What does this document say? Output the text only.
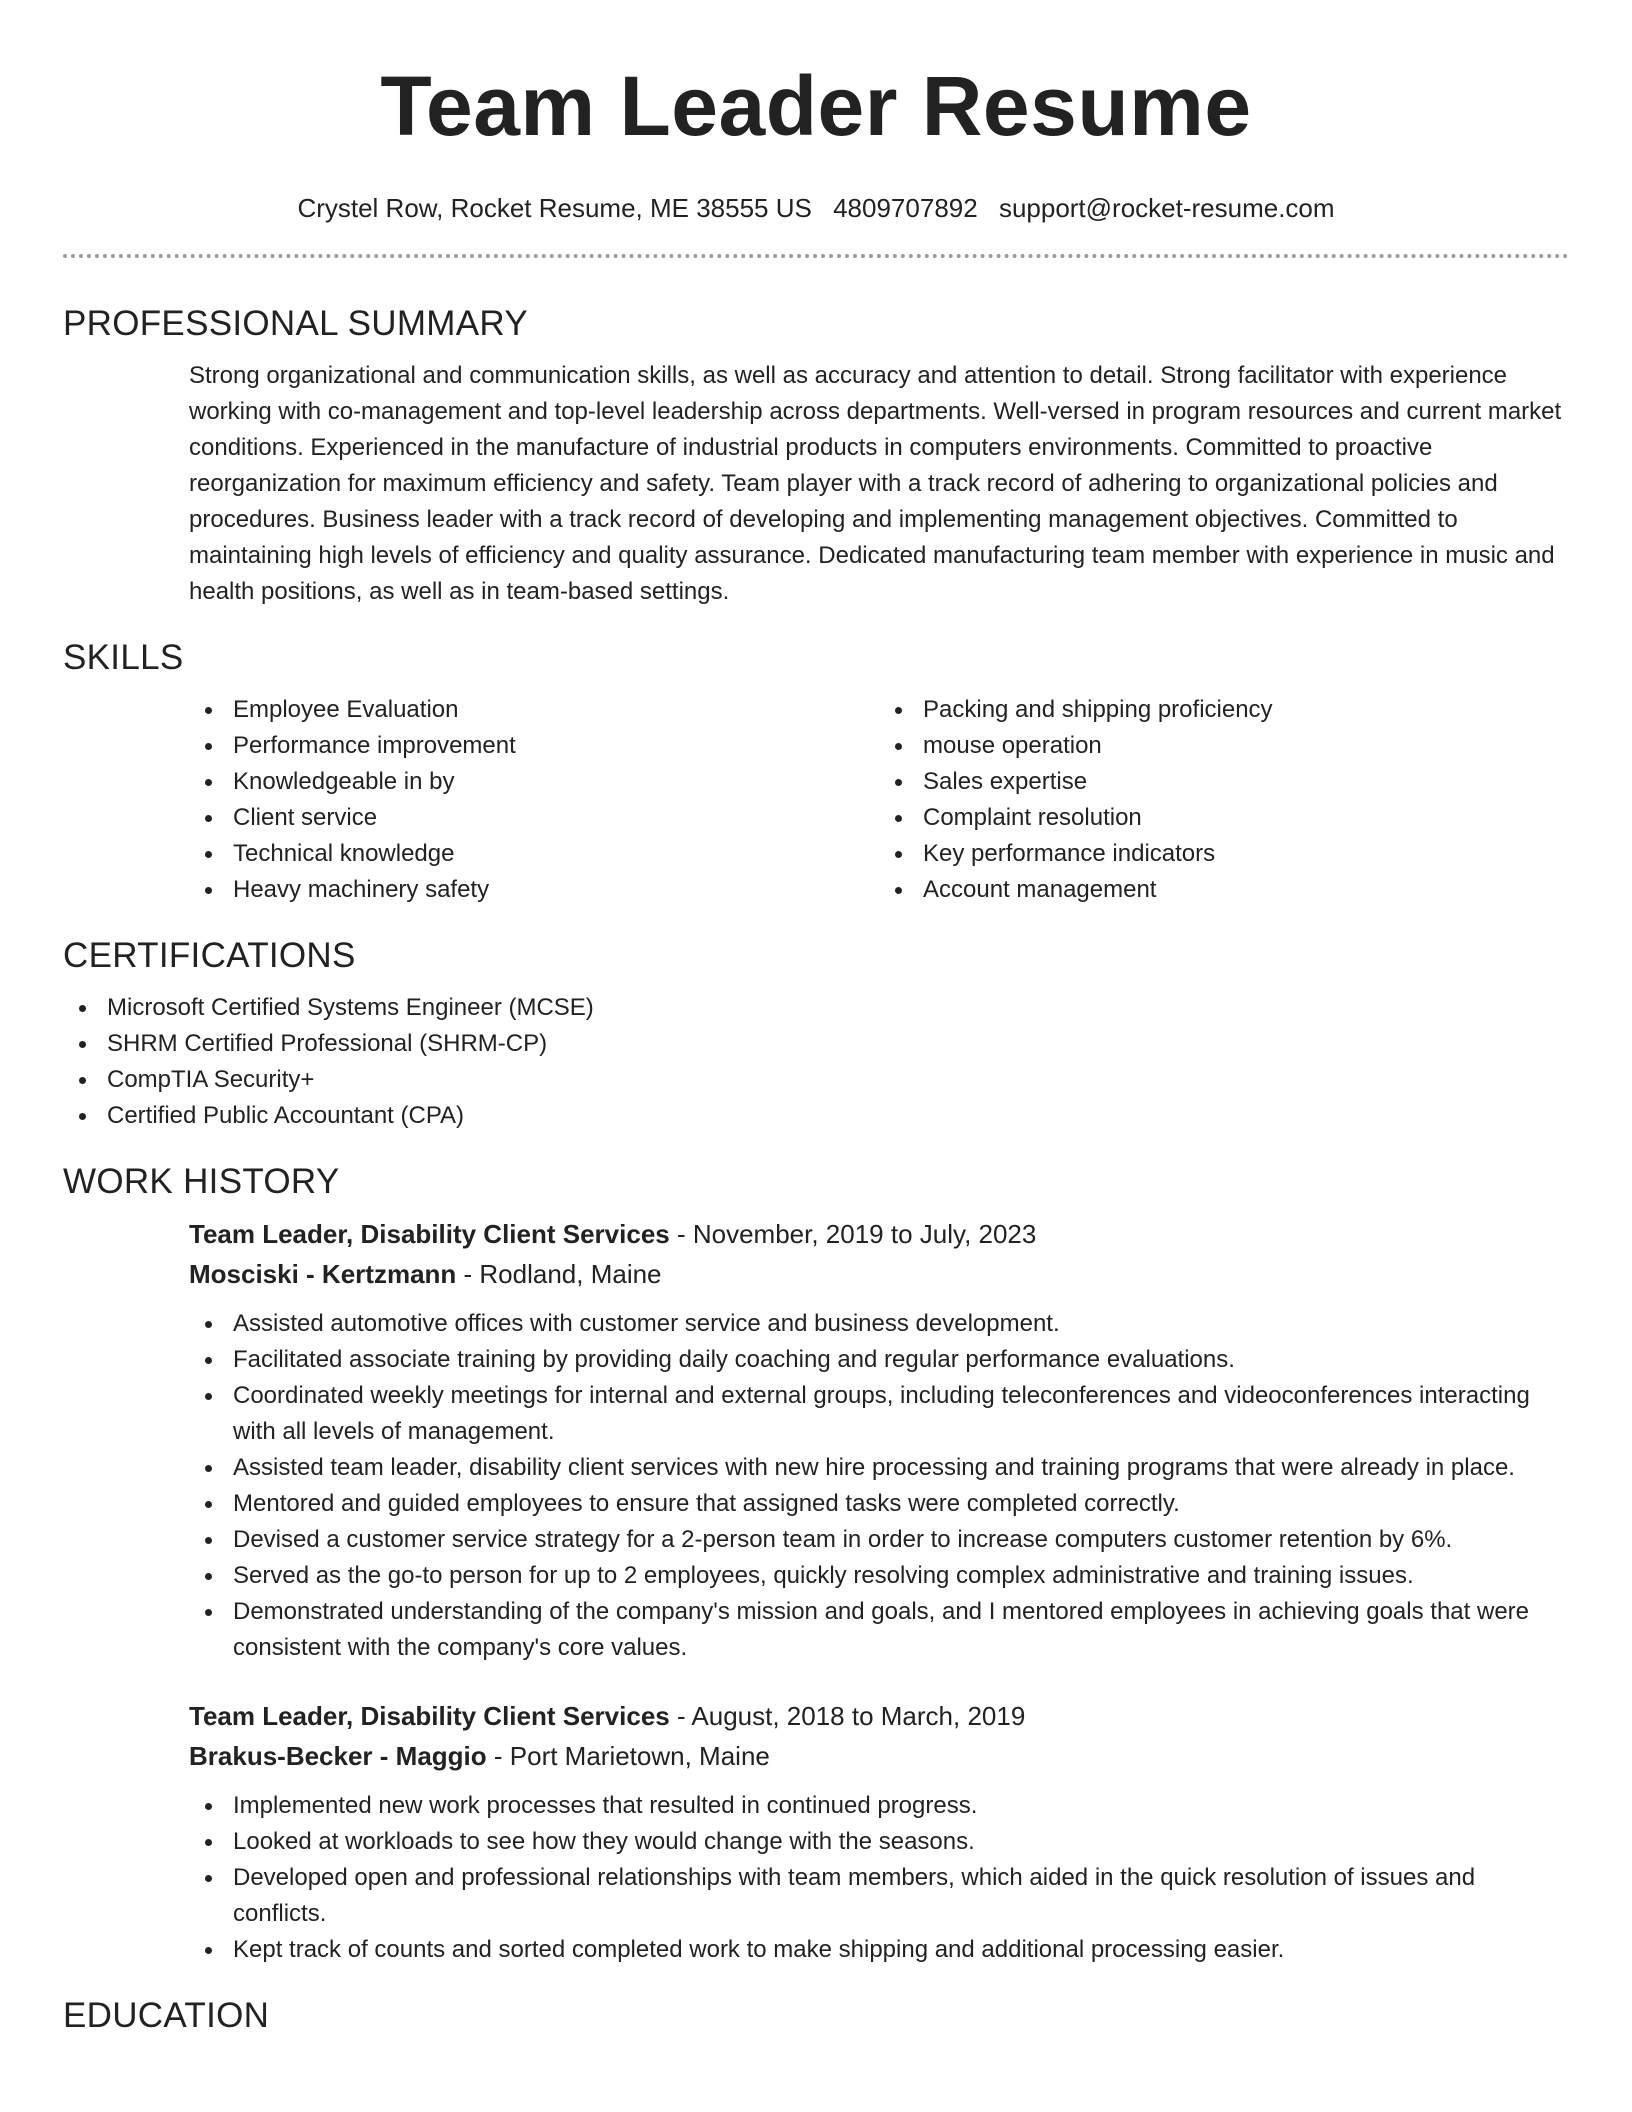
Team Leader Resume
Crystel Row, Rocket Resume, ME 38555 US 4809707892 support@rocket-resume.com
PROFESSIONAL SUMMARY
Strong organizational and communication skills, as well as accuracy and attention to detail. Strong facilitator with experience working with co-management and top-level leadership across departments. Well-versed in program resources and current market conditions. Experienced in the manufacture of industrial products in computers environments. Committed to proactive reorganization for maximum efficiency and safety. Team player with a track record of adhering to organizational policies and procedures. Business leader with a track record of developing and implementing management objectives. Committed to maintaining high levels of efficiency and quality assurance. Dedicated manufacturing team member with experience in music and health positions, as well as in team-based settings.
SKILLS
Employee Evaluation
Performance improvement
Knowledgeable in by
Client service
Technical knowledge
Heavy machinery safety
Packing and shipping proficiency
mouse operation
Sales expertise
Complaint resolution
Key performance indicators
Account management
CERTIFICATIONS
Microsoft Certified Systems Engineer (MCSE)
SHRM Certified Professional (SHRM-CP)
CompTIA Security+
Certified Public Accountant (CPA)
WORK HISTORY
Team Leader, Disability Client Services - November, 2019 to July, 2023
Mosciski - Kertzmann - Rodland, Maine
Assisted automotive offices with customer service and business development.
Facilitated associate training by providing daily coaching and regular performance evaluations.
Coordinated weekly meetings for internal and external groups, including teleconferences and videoconferences interacting with all levels of management.
Assisted team leader, disability client services with new hire processing and training programs that were already in place.
Mentored and guided employees to ensure that assigned tasks were completed correctly.
Devised a customer service strategy for a 2-person team in order to increase computers customer retention by 6%.
Served as the go-to person for up to 2 employees, quickly resolving complex administrative and training issues.
Demonstrated understanding of the company's mission and goals, and I mentored employees in achieving goals that were consistent with the company's core values.
Team Leader, Disability Client Services - August, 2018 to March, 2019
Brakus-Becker - Maggio - Port Marietown, Maine
Implemented new work processes that resulted in continued progress.
Looked at workloads to see how they would change with the seasons.
Developed open and professional relationships with team members, which aided in the quick resolution of issues and conflicts.
Kept track of counts and sorted completed work to make shipping and additional processing easier.
EDUCATION
